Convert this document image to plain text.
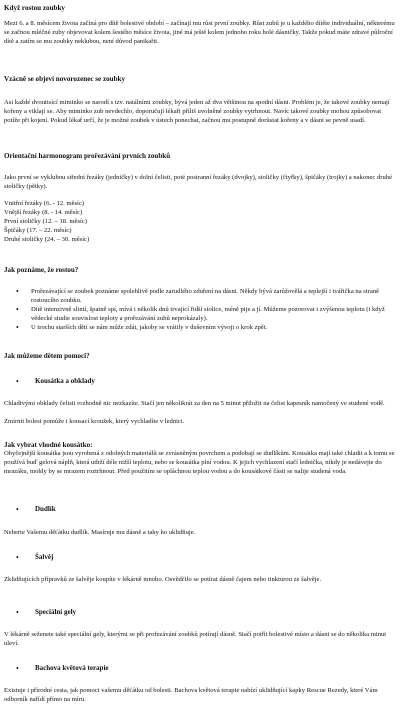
Když rostou zoubky
Mezi 6. a 8. měsícem života začíná pro dítě bolestivé období – začínají mu růst první zoubky. Růst zubů je u každého dítěte individuální, některému se začnou mléčné zuby objevovat kolem šestého měsíce života, jiné má ještě kolem jednoho roku holé dásničky. Takže pokud máte zdravé půlroční dítě a zatím se mu zoubky neklubou, není důvod panikařit.
Vzácně se objeví novorozenec se zoubky
Asi každé dvoutisící miminko se narodí s tzv. natálními zoubky, bývá jeden až dva většinou na spodní dásni. Problém je, že takové zoubky nemají kořeny a viklají se. Aby miminko zub nevdechlo, doporučují lékaři příliš uvolněné zoubky vytrhnout. Navíc takové zoubky mohou způsobovat potíže při kojení. Pokud lékař určí, že je možné zoubek v ústech ponechat, začnou mu postupně dorůstat kořeny a v dásni se pevně usadí.
Orientační harmonogram prořezávání prvních zoubků
Jako první se vyklubou střední řezáky (jedničky) v dolní čelisti, poté postranní řezáky (dvojky), stoličky (čtyřky), špičáky (trojky) a nakonec druhé stoličky (pětky).
Vnitřní řezáky (6. - 12. měsíc)
Vnější řezáky (8. - 14. měsíc)
První stoličky (12. – 18. měsíc)
Špičáky (17. – 22. měsíc)
Druhé stoličky (24. – 30. měsíc)
Jak poznáme, že rostou?
• Prořezávající se zoubek poznáme spolehlivě podle zarudlého zduření na dásni. Někdy bývá zarůžovělá a teplejší i tvářička na straně rostoucího zoubku.
• Dítě intenzivně slintí, špatně spí, mívá i několik dnů trvající řidší stolice, méně pije a jí. Můžeme pozorovat i zvýšenou teplotu (i když vědecké studie souvislost teploty a prořezávání zubů neprokázaly).
• U trochu starších dětí se nám může zdát, jakoby se vrátily v duševním vývoji o krok zpět.
Jak můžeme dětem pomoci?
• Kousátka a obklady
Chladivými obklady čelisti rozhodně nic nezkazíte. Stačí jen několikrát za den na 5 minut přiložit na čelist kapesník namočený ve studené vodě.
Zmírnit bolest pomůže i kousací kroužek, který vychladíte v lednici.
Jak vybrat vhodné kousátko:
Obyčejnější kousátka jsou vyrobená z odolných materiálů se zvrásněným povrchem a podobají se dudlíkům. Kousátka mají také chladit a k tomu se používá buď gelová náplň, která udrží déle nižší teplotu, nebo se kousátka plní vodou. K jejich vychlazení stačí lednička, nikdy je nedávejte do mrazáku, mohly by se mrazem roztrhnout. Před použitím se opláchnou teplou vodou a do kousátkové části se nalije studená voda.
• Dudlík
Neberte Vašemu děťátku dudlík. Masíruje mu dásně a taky ho uklidňuje.
• Šalvěj
Zklidňujících přípravků ze šalvěje koupíte v lékárně mnoho. Osvědčilo se potírat dásně čajem nebo tinkturou ze šalvěje.
• Speciální gely
V lékárně seženete také speciální gely, kterými se při prořezávání zoubků potírají dásně. Stačí potřít bolestivé místo a dásni se do několika minut uleví.
• Bachova květová terapie
Existuje i přírodní cesta, jak pomoci vašemu děťátku od bolesti. Bachova květová terapie nabízí uklidňující kapky Rescue Rezedy, které Vám odborník nařídí přímo na míru.
